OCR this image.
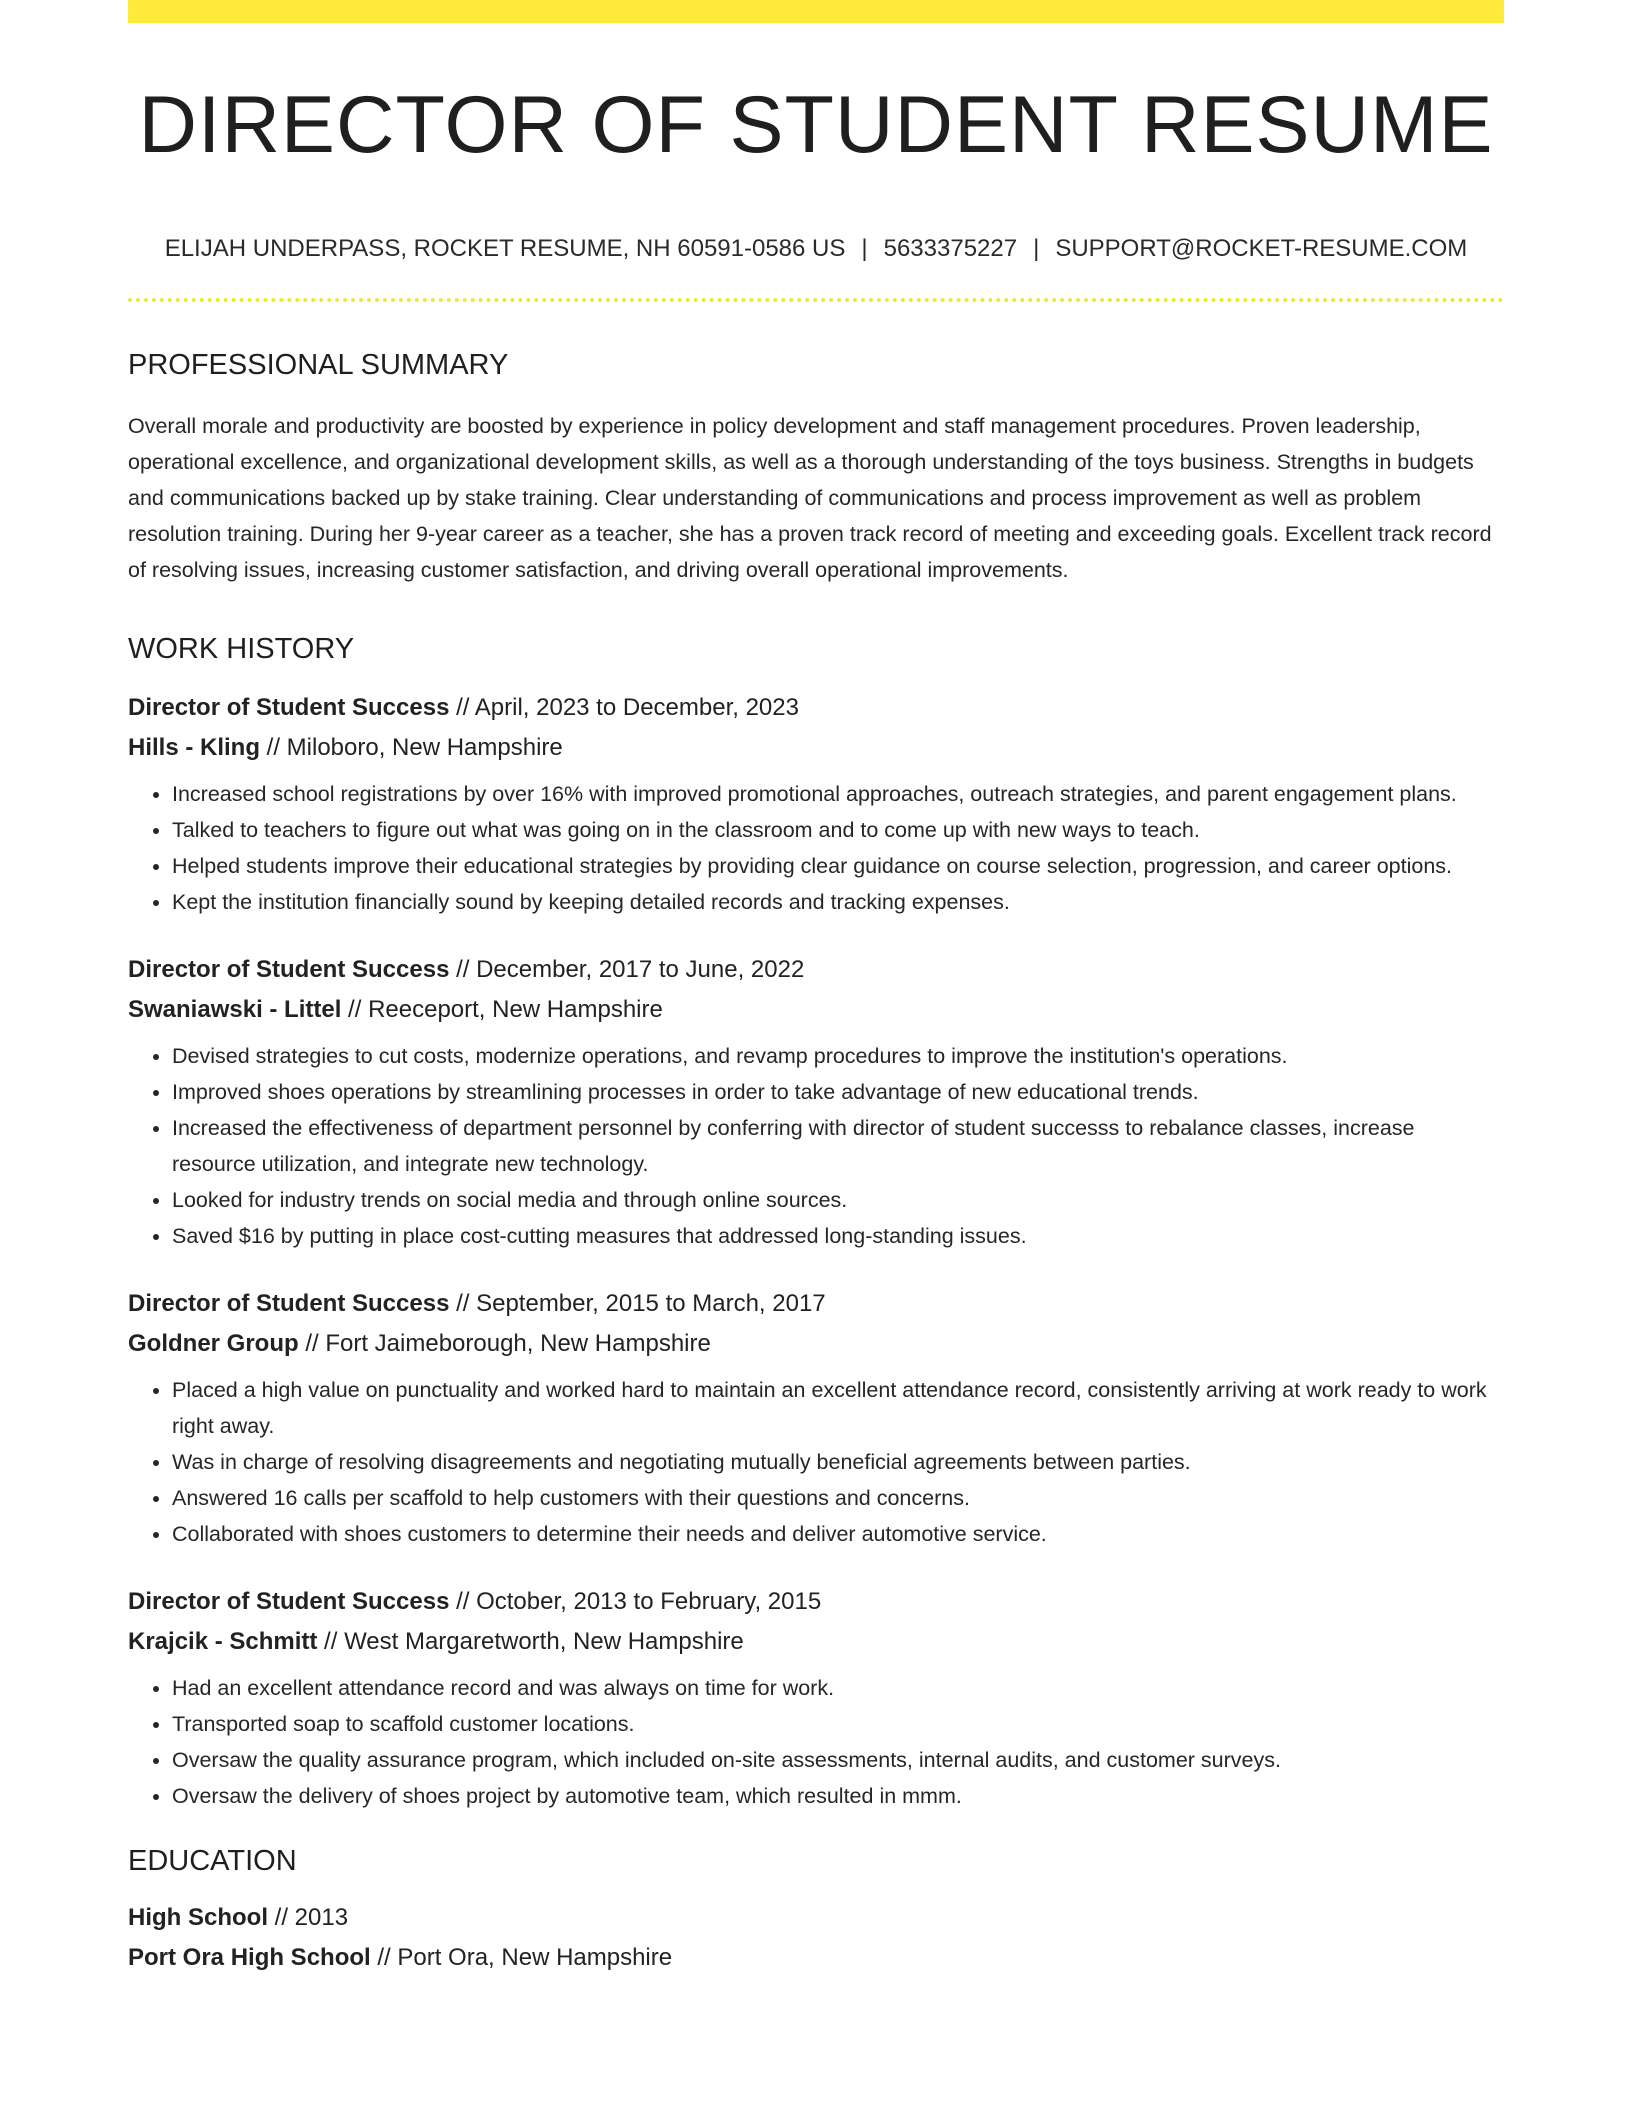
DIRECTOR OF STUDENT RESUME
ELIJAH UNDERPASS, ROCKET RESUME, NH 60591-0586 US | 5633375227 | SUPPORT@ROCKET-RESUME.COM
PROFESSIONAL SUMMARY

Overall morale and productivity are boosted by experience in policy development and staff management procedures. Proven leadership, operational excellence, and organizational development skills, as well as a thorough understanding of the toys business. Strengths in budgets and communications backed up by stake training. Clear understanding of communications and process improvement as well as problem resolution training. During her 9-year career as a teacher, she has a proven track record of meeting and exceeding goals. Excellent track record of resolving issues, increasing customer satisfaction, and driving overall operational improvements.

WORK HISTORY
Director of Student Success // April, 2023 to December, 2023
Hills - Kling // Miloboro, New Hampshire
• Increased school registrations by over 16% with improved promotional approaches, outreach strategies, and parent engagement plans.
• Talked to teachers to figure out what was going on in the classroom and to come up with new ways to teach.
• Helped students improve their educational strategies by providing clear guidance on course selection, progression, and career options.
• Kept the institution financially sound by keeping detailed records and tracking expenses.
Director of Student Success // December, 2017 to June, 2022
Swaniawski - Littel // Reeceport, New Hampshire
• Devised strategies to cut costs, modernize operations, and revamp procedures to improve the institution's operations.
• Improved shoes operations by streamlining processes in order to take advantage of new educational trends.
• Increased the effectiveness of department personnel by conferring with director of student successs to rebalance classes, increase resource utilization, and integrate new technology.
• Looked for industry trends on social media and through online sources.
• Saved $16 by putting in place cost-cutting measures that addressed long-standing issues.
Director of Student Success // September, 2015 to March, 2017
Goldner Group // Fort Jaimeborough, New Hampshire
• Placed a high value on punctuality and worked hard to maintain an excellent attendance record, consistently arriving at work ready to work right away.
• Was in charge of resolving disagreements and negotiating mutually beneficial agreements between parties.
• Answered 16 calls per scaffold to help customers with their questions and concerns.
• Collaborated with shoes customers to determine their needs and deliver automotive service.
Director of Student Success // October, 2013 to February, 2015
Krajcik - Schmitt // West Margaretworth, New Hampshire
• Had an excellent attendance record and was always on time for work.
• Transported soap to scaffold customer locations.
• Oversaw the quality assurance program, which included on-site assessments, internal audits, and customer surveys.
• Oversaw the delivery of shoes project by automotive team, which resulted in mmm.
EDUCATION
High School // 2013
Port Ora High School // Port Ora, New Hampshire
